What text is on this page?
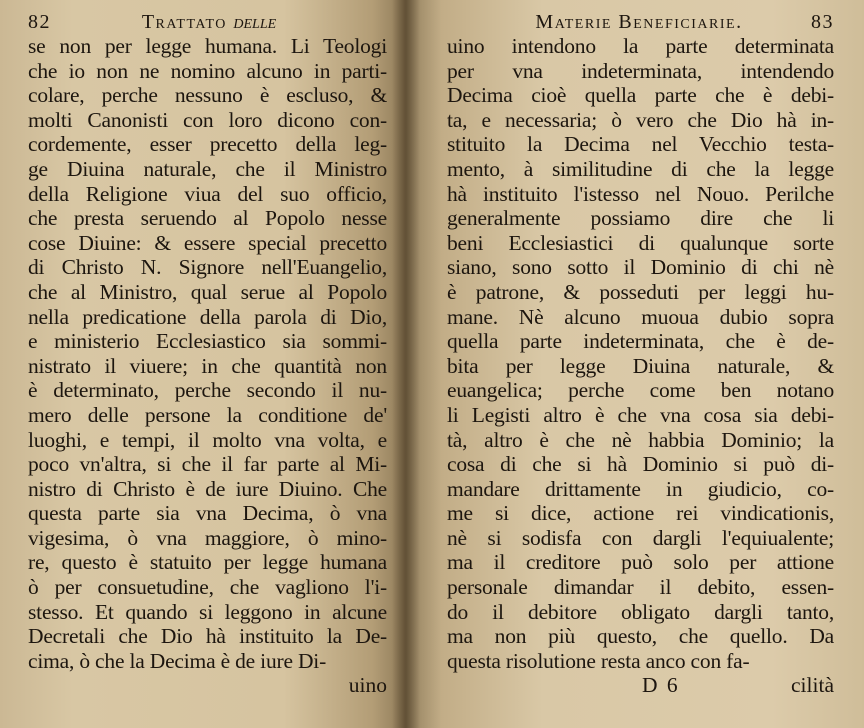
82	Trattato delle
se non per legge humana. Li Teologi
che io non ne nomino alcuno in parti-
colare, perche nessuno è escluso, &
molti Canonisti con loro dicono con-
cordemente, esser precetto della leg-
ge Diuina naturale, che il Ministro
della Religione viua del suo officio,
che presta seruendo al Popolo nesse
cose Diuine: & essere special precetto
di Christo N. Signore nell'Euangelio,
che al Ministro, qual serue al Popolo
nella predicatione della parola di Dio,
e ministerio Ecclesiastico sia sommi-
nistrato il viuere; in che quantità non
è determinato, perche secondo il nu-
mero delle persone la conditione de'
luoghi, e tempi, il molto vna volta, e
poco vn'altra, si che il far parte al Mi-
nistro di Christo è de iure Diuino. Che
questa parte sia vna Decima, ò vna
vigesima, ò vna maggiore, ò mino-
re, questo è statuito per legge humana
ò per consuetudine, che vagliono l'i-
stesso. Et quando si leggono in alcune
Decretali che Dio hà instituito la De-
cima, ò che la Decima è de iure Di-
uino
Materie Beneficiarie.	83
uino intendono la parte determinata
per vna indeterminata, intendendo
Decima cioè quella parte che è debi-
ta, e necessaria; ò vero che Dio hà in-
stituito la Decima nel Vecchio testa-
mento, à similitudine di che la legge
hà instituito l'istesso nel Nouo. Perilche
generalmente possiamo dire che li
beni Ecclesiastici di qualunque sorte
siano, sono sotto il Dominio di chi nè
è patrone, & posseduti per leggi hu-
mane. Nè alcuno muoua dubio sopra
quella parte indeterminata, che è de-
bita per legge Diuina naturale, &
euangelica; perche come ben notano
li Legisti altro è che vna cosa sia debi-
tà, altro è che nè habbia Dominio; la
cosa di che si hà Dominio si può di-
mandare drittamente in giudicio, co-
me si dice, actione rei vindicationis,
nè si sodisfa con dargli l'equiualente;
ma il creditore può solo per attione
personale dimandar il debito, essen-
do il debitore obligato dargli tanto,
ma non più questo, che quello. Da
questa risolutione resta anco con fa-
D 6	cilità
